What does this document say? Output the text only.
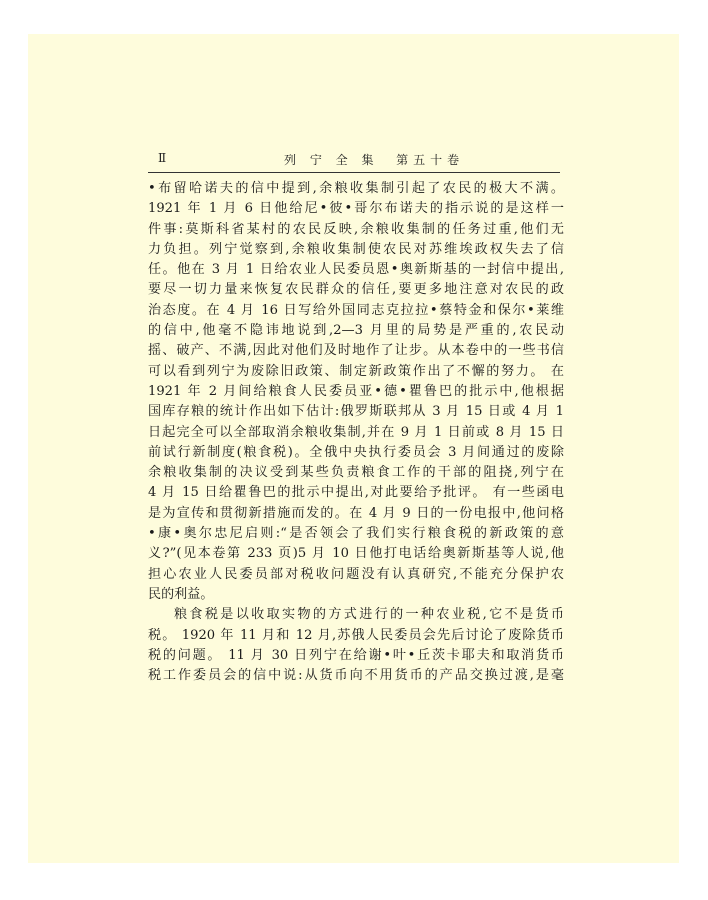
Ⅱ	列 宁 全 集  第五十卷
•布留哈诺夫的信中提到,余粮收集制引起了农民的极大不满。
1921 年 1 月 6 日他给尼•彼•哥尔布诺夫的指示说的是这样一
件事:莫斯科省某村的农民反映,余粮收集制的任务过重,他们无
力负担。列宁觉察到,余粮收集制使农民对苏维埃政权失去了信
任。他在 3 月 1 日给农业人民委员恩•奥新斯基的一封信中提出,
要尽一切力量来恢复农民群众的信任,要更多地注意对农民的政
治态度。在 4 月 16 日写给外国同志克拉拉•蔡特金和保尔•莱维
的信中,他毫不隐讳地说到,2—3 月里的局势是严重的,农民动
摇、破产、不满,因此对他们及时地作了让步。从本卷中的一些书信
可以看到列宁为废除旧政策、制定新政策作出了不懈的努力。 在
1921 年 2 月间给粮食人民委员亚•德•瞿鲁巴的批示中,他根据
国库存粮的统计作出如下估计:俄罗斯联邦从 3 月 15 日或 4 月 1
日起完全可以全部取消余粮收集制,并在 9 月 1 日前或 8 月 15 日
前试行新制度(粮食税)。全俄中央执行委员会 3 月间通过的废除
余粮收集制的决议受到某些负责粮食工作的干部的阻挠,列宁在
4 月 15 日给瞿鲁巴的批示中提出,对此要给予批评。 有一些函电
是为宣传和贯彻新措施而发的。在 4 月 9 日的一份电报中,他问格
•康•奥尔忠尼启则:“是否领会了我们实行粮食税的新政策的意
义?”(见本卷第 233 页)5 月 10 日他打电话给奥新斯基等人说,他
担心农业人民委员部对税收问题没有认真研究,不能充分保护农
民的利益。
粮食税是以收取实物的方式进行的一种农业税,它不是货币
税。 1920 年 11 月和 12 月,苏俄人民委员会先后讨论了废除货币
税的问题。 11 月 30 日列宁在给谢•叶•丘茨卡耶夫和取消货币
税工作委员会的信中说:从货币向不用货币的产品交换过渡,是毫
